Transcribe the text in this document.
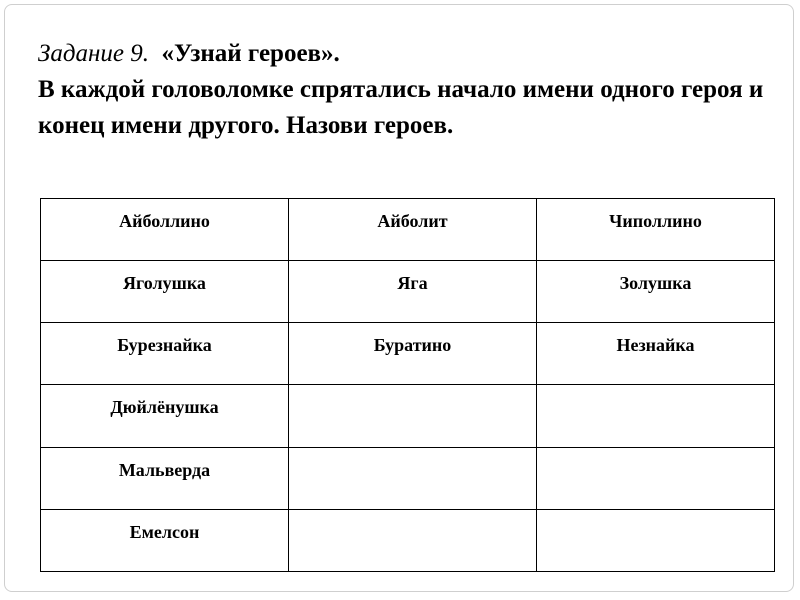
Задание 9. «Узнай героев».

В каждой головоломке спрятались начало имени одного героя и конец имени другого. Назови героев.

Айболлино	Айболит	Чиполлино
Яголушка	Яга	Золушка
Бурезнайка	Буратино	Незнайка
Дюйлёнушка		
Мальверда		
Емелсон		
